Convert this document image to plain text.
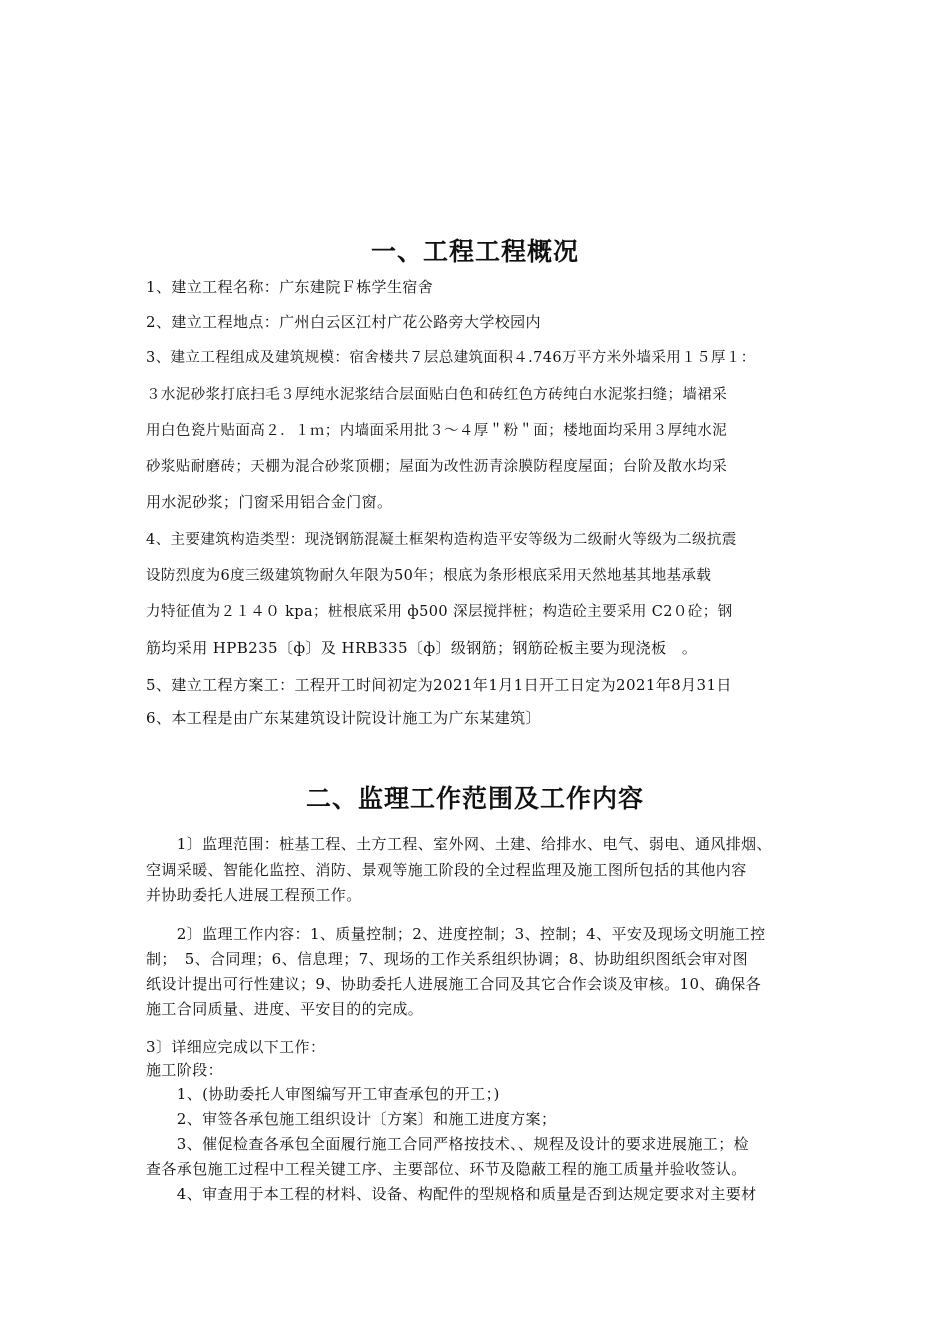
一、工程工程概况
1、建立工程名称：广东建院Ｆ栋学生宿舍
2、建立工程地点：广州白云区江村广花公路旁大学校园内
3、建立工程组成及建筑规模：宿舍楼共７层总建筑面积４.746万平方米外墙采用１５厚１：
３水泥砂浆打底扫毛３厚纯水泥浆结合层面贴白色和砖红色方砖纯白水泥浆扫缝；墙裙采
用白色瓷片贴面高２．１ｍ；内墙面采用批３～４厚＂粉＂面；楼地面均采用３厚纯水泥
砂浆贴耐磨砖；天棚为混合砂浆顶棚；屋面为改性沥青涂膜防程度屋面；台阶及散水均采
用水泥砂浆；门窗采用铝合金门窗。
4、主要建筑构造类型：现浇钢筋混凝土框架构造构造平安等级为二级耐火等级为二级抗震
设防烈度为6度三级建筑物耐久年限为50年；根底为条形根底采用天然地基其地基承载
力特征值为２１４０ kpa；桩根底采用 ф500 深层搅拌桩；构造砼主要采用 C2０砼；钢
筋均采用 HPB235〔ф〕及 HRB335〔ф〕级钢筋；钢筋砼板主要为现浇板　。
5、建立工程方案工：工程开工时间初定为2021年1月1日开工日定为2021年8月31日
6、本工程是由广东某建筑设计院设计施工为广东某建筑〕
二、监理工作范围及工作内容
　　1〕监理范围：桩基工程、土方工程、室外网、土建、给排水、电气、弱电、通风排烟、
空调采暖、智能化监控、消防、景观等施工阶段的全过程监理及施工图所包括的其他内容
并协助委托人进展工程预工作。
　　2〕监理工作内容：1、质量控制；2、进度控制；3、控制；4、平安及现场文明施工控
制；　5、合同理；6、信息理；7、现场的工作关系组织协调；8、协助组织图纸会审对图
纸设计提出可行性建议；9、协助委托人进展施工合同及其它合作会谈及审核。10、确保各
施工合同质量、进度、平安目的的完成。
3〕详细应完成以下工作：
施工阶段：
　　1、(协助委托人审图编写开工审查承包的开工；)
　　2、审签各承包施工组织设计〔方案〕和施工进度方案；
　　3、催促检查各承包全面履行施工合同严格按技术、、规程及设计的要求进展施工；检
查各承包施工过程中工程关键工序、主要部位、环节及隐蔽工程的施工质量并验收签认。
　　4、审查用于本工程的材料、设备、构配件的型规格和质量是否到达规定要求对主要材
